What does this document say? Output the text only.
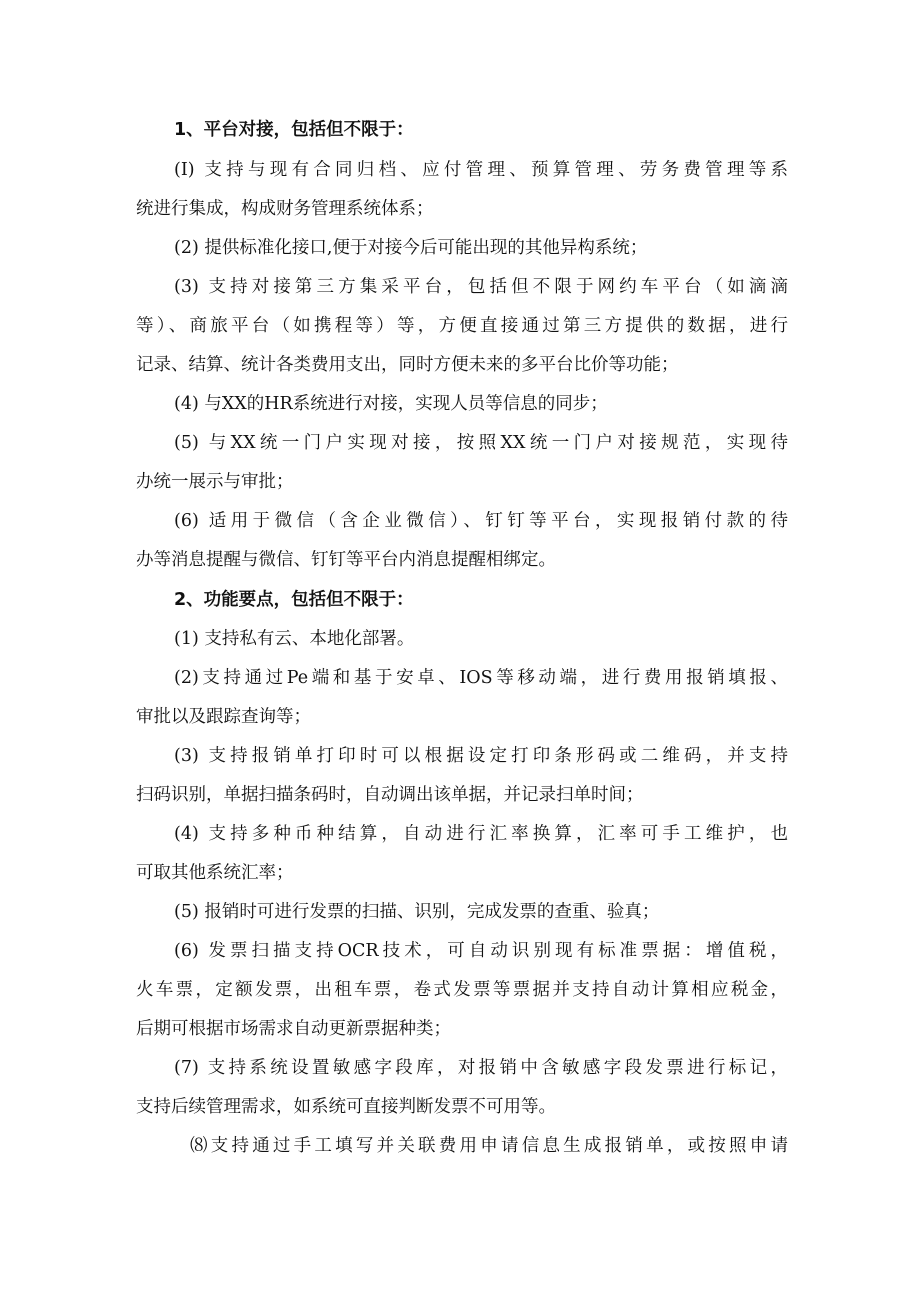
1、平台对接，包括但不限于：
(I) 支持与现有合同归档、应付管理、预算管理、劳务费管理等系
统进行集成，构成财务管理系统体系；
(2) 提供标准化接口,便于对接今后可能出现的其他异构系统；
(3) 支持对接第三方集采平台，包括但不限于网约车平台（如滴滴
等）、商旅平台（如携程等）等，方便直接通过第三方提供的数据，进行
记录、结算、统计各类费用支出，同时方便未来的多平台比价等功能；
(4) 与XX的HR系统进行对接，实现人员等信息的同步；
(5) 与XX统一门户实现对接，按照XX统一门户对接规范，实现待
办统一展示与审批；
(6) 适用于微信（含企业微信）、钉钉等平台，实现报销付款的待
办等消息提醒与微信、钉钉等平台内消息提醒相绑定。
2、功能要点，包括但不限于：
(1) 支持私有云、本地化部署。
(2)支持通过Pe端和基于安卓、IOS等移动端，进行费用报销填报、
审批以及跟踪查询等；
(3) 支持报销单打印时可以根据设定打印条形码或二维码，并支持
扫码识别，单据扫描条码时，自动调出该单据，并记录扫单时间；
(4) 支持多种币种结算，自动进行汇率换算，汇率可手工维护，也
可取其他系统汇率；
(5) 报销时可进行发票的扫描、识别，完成发票的查重、验真；
(6) 发票扫描支持OCR技术，可自动识别现有标准票据：增值税，
火车票，定额发票，出租车票，卷式发票等票据并支持自动计算相应税金，
后期可根据市场需求自动更新票据种类；
(7) 支持系统设置敏感字段库，对报销中含敏感字段发票进行标记，
支持后续管理需求，如系统可直接判断发票不可用等。
⑻支持通过手工填写并关联费用申请信息生成报销单，或按照申请
